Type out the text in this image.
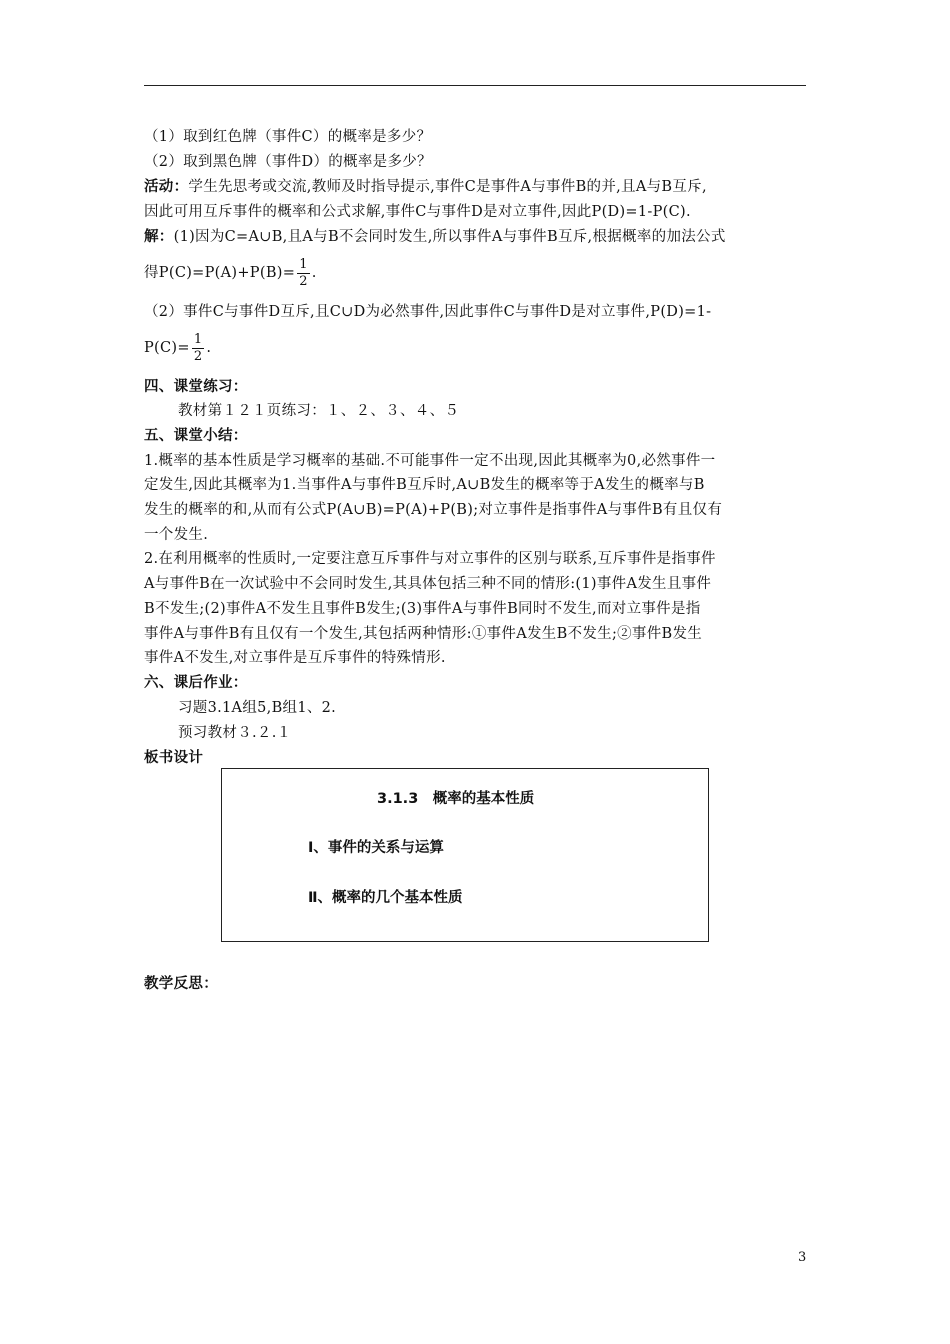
（1）取到红色牌（事件C）的概率是多少？
（2）取到黑色牌（事件D）的概率是多少？
活动：学生先思考或交流,教师及时指导提示,事件C是事件A与事件B的并,且A与B互斥,
因此可用互斥事件的概率和公式求解,事件C与事件D是对立事件,因此P(D)=1-P(C).
解：(1)因为C=A∪B,且A与B不会同时发生,所以事件A与事件B互斥,根据概率的加法公式
得$P(C)=P(A)+P(B)= \frac{1}{2}$ .
（2）事件C与事件D互斥,且C∪D为必然事件,因此事件C与事件D是对立事件,P(D)=1-
$P(C)= \frac{1}{2}$ .
四、课堂练习：
教材第１２１页练习：１、２、３、４、５
五、课堂小结：
1.概率的基本性质是学习概率的基础.不可能事件一定不出现,因此其概率为0,必然事件一
定发生,因此其概率为1.当事件A与事件B互斥时,A∪B发生的概率等于A发生的概率与B
发生的概率的和,从而有公式P(A∪B)=P(A)+P(B);对立事件是指事件A与事件B有且仅有
一个发生.
2.在利用概率的性质时,一定要注意互斥事件与对立事件的区别与联系,互斥事件是指事件
A与事件B在一次试验中不会同时发生,其具体包括三种不同的情形:(1)事件A发生且事件
B不发生;(2)事件A不发生且事件B发生;(3)事件A与事件B同时不发生,而对立事件是指
事件A与事件B有且仅有一个发生,其包括两种情形:①事件A发生B不发生;②事件B发生
事件A不发生,对立事件是互斥事件的特殊情形.
六、课后作业：
习题3.1A组5,B组1、2.
预习教材３.２.１
板书设计
3.1.3　概率的基本性质
Ⅰ、事件的关系与运算
Ⅱ、概率的几个基本性质
教学反思：
3
